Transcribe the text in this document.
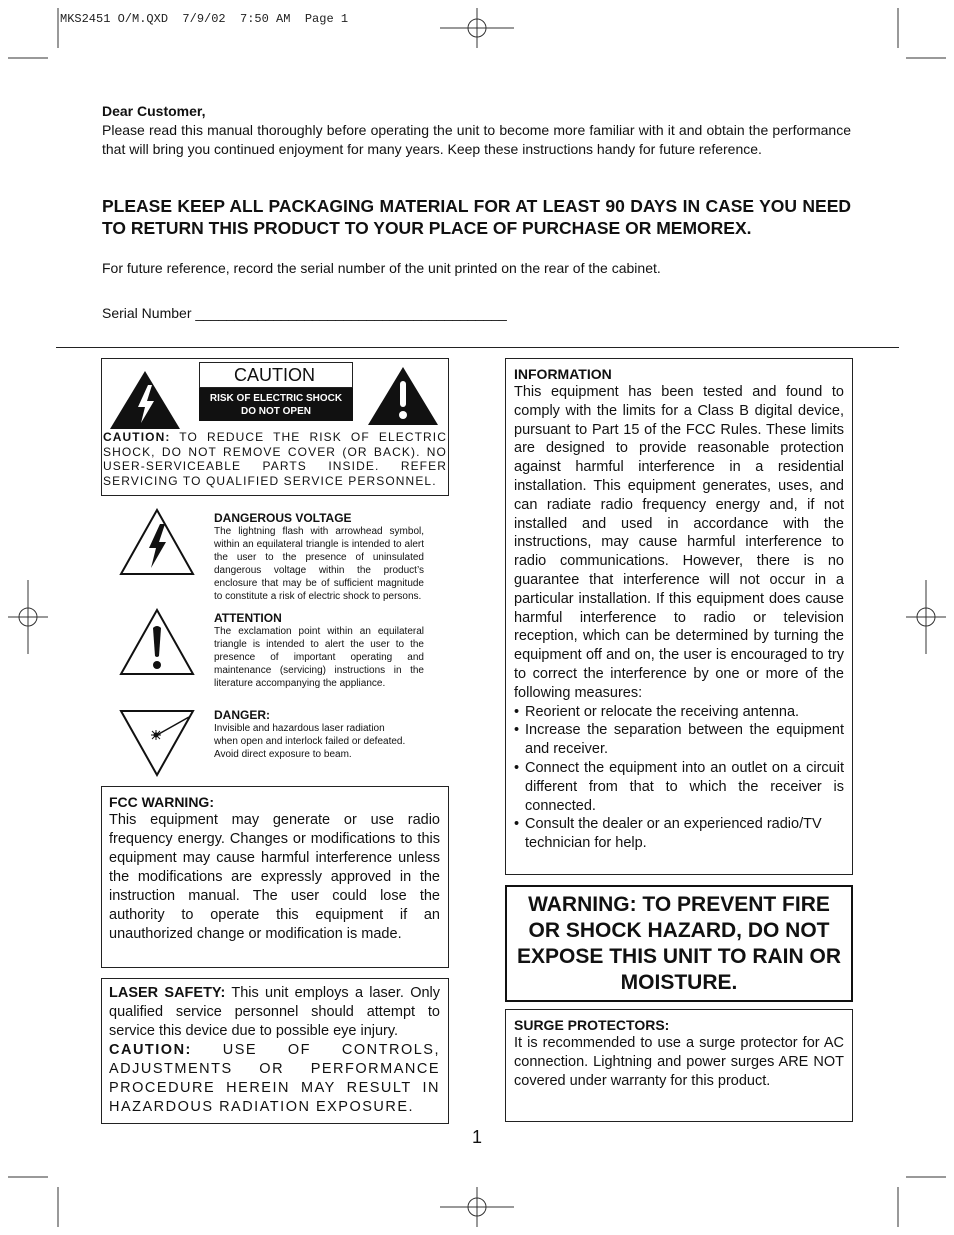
MKS2451 O/M.QXD  7/9/02  7:50 AM  Page 1

Dear Customer,

Please read this manual thoroughly before operating the unit to become more familiar with it and obtain the performance that will bring you continued enjoyment for many years. Keep these instructions handy for future reference.

PLEASE KEEP ALL PACKAGING MATERIAL FOR AT LEAST 90 DAYS IN CASE YOU NEED TO RETURN THIS PRODUCT TO YOUR PLACE OF PURCHASE OR MEMOREX.
For future reference, record the serial number of the unit printed on the rear of the cabinet.
Serial Number ________________________________________
CAUTION
RISK OF ELECTRIC SHOCK
DO NOT OPEN
CAUTION: TO REDUCE THE RISK OF ELECTRIC SHOCK, DO NOT REMOVE COVER (OR BACK). NO USER-SERVICEABLE PARTS INSIDE. REFER SERVICING TO QUALIFIED SERVICE PERSONNEL.
DANGEROUS VOLTAGE
The lightning flash with arrowhead symbol, within an equilateral triangle is intended to alert the user to the presence of uninsulated dangerous voltage within the product’s enclosure that may be of sufficient magnitude to constitute a risk of electric shock to persons.
ATTENTION
The exclamation point within an equilateral triangle is intended to alert the user to the presence of important operating and maintenance (servicing) instructions in the literature accompanying the appliance.
DANGER:
Invisible and hazardous laser radiation
when open and interlock failed or defeated.
Avoid direct exposure to beam.
FCC WARNING:
This equipment may generate or use radio frequency energy. Changes or modifications to this equipment may cause harmful interference unless the modifications are expressly approved in the instruction manual. The user could lose the authority to operate this equipment if an unauthorized change or modification is made.
LASER SAFETY: This unit employs a laser. Only qualified service personnel should attempt to service this device due to possible eye injury.
CAUTION: USE OF CONTROLS, ADJUSTMENTS OR PERFORMANCE PROCEDURE HEREIN MAY RESULT IN HAZARDOUS RADIATION EXPOSURE.
INFORMATION
This equipment has been tested and found to comply with the limits for a Class B digital device, pursuant to Part 15 of the FCC Rules. These limits are designed to provide reasonable protection against harmful interference in a residential installation. This equipment generates, uses, and can radiate radio frequency energy and, if not installed and used in accordance with the instructions, may cause harmful interference to radio communications. However, there is no guarantee that interference will not occur in a particular installation. If this equipment does cause harmful interference to radio or television reception, which can be determined by turning the equipment off and on, the user is encouraged to try to correct the interference by one or more of the following measures:
• Reorient or relocate the receiving antenna.
• Increase the separation between the equipment and receiver.
• Connect the equipment into an outlet on a circuit different from that to which the receiver is connected.
• Consult the dealer or an experienced radio/TV technician for help.
WARNING: TO PREVENT FIRE OR SHOCK HAZARD, DO NOT EXPOSE THIS UNIT TO RAIN OR MOISTURE.
SURGE PROTECTORS:
It is recommended to use a surge protector for AC connection. Lightning and power surges ARE NOT covered under warranty for this product.
1
